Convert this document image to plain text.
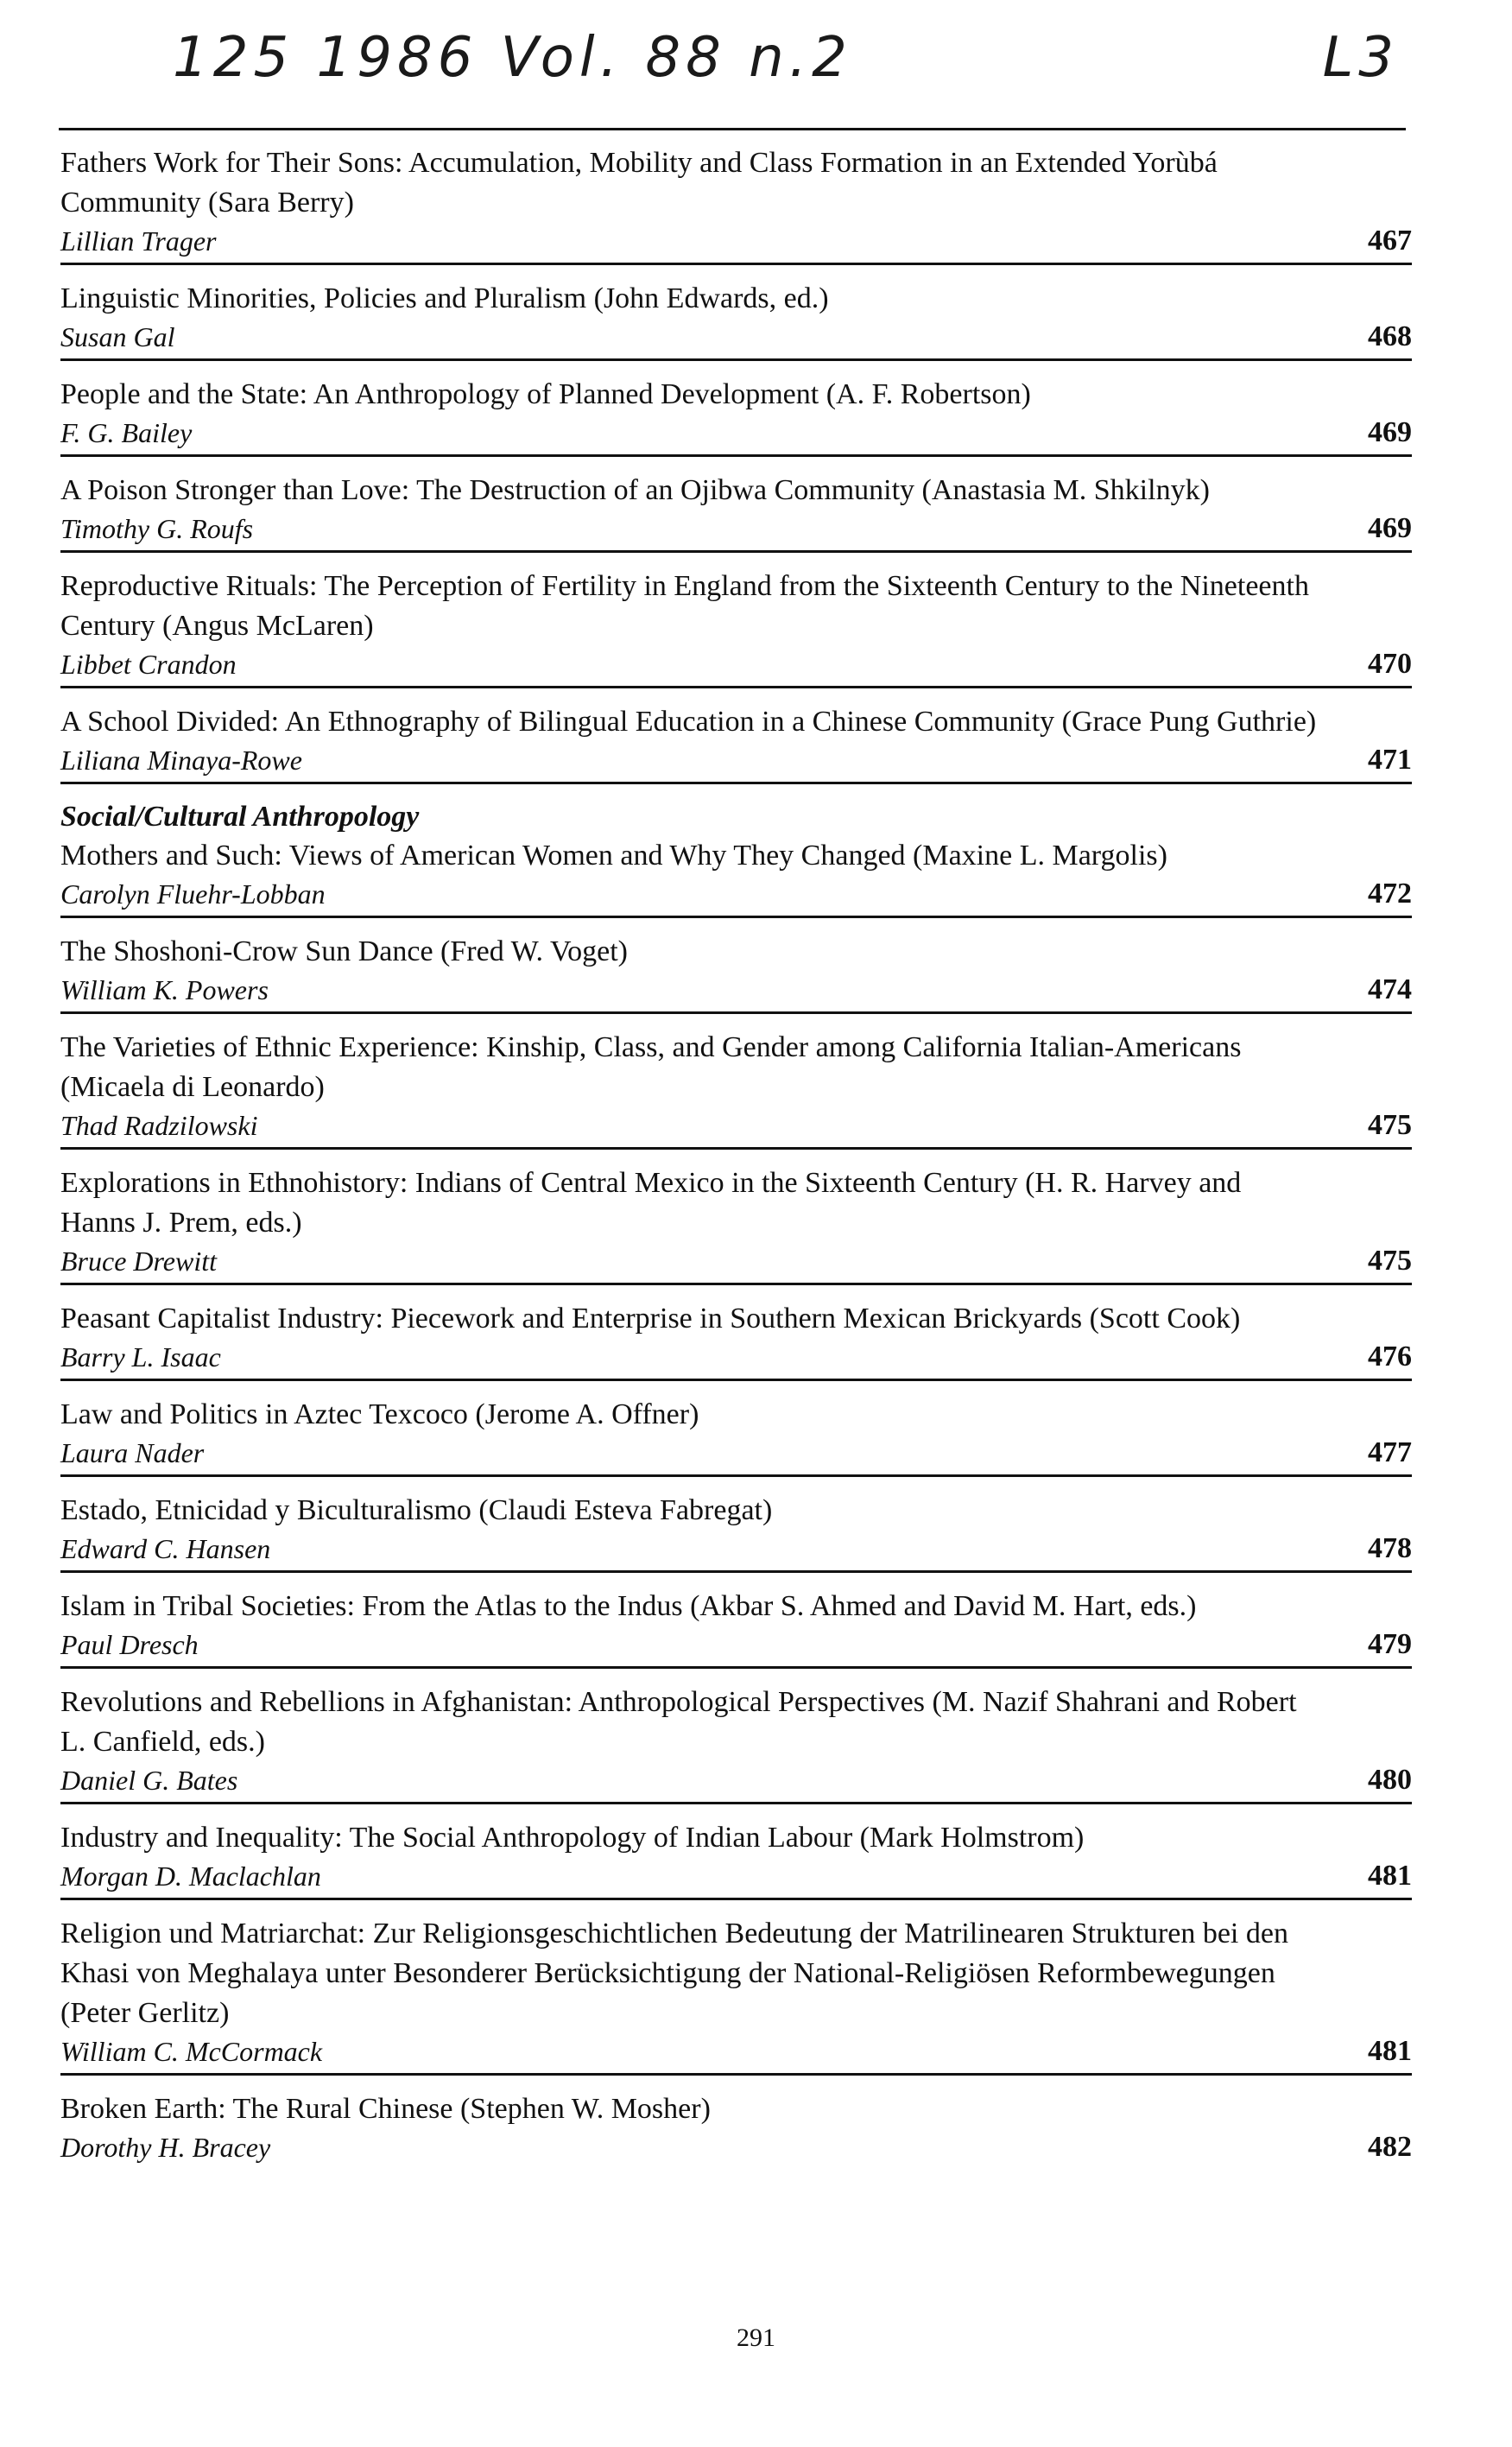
125 1986 Vol. 88 n.2	L3
Fathers Work for Their Sons: Accumulation, Mobility and Class Formation in an Extended Yorùbá Community (Sara Berry)
Lillian Trager	467
Linguistic Minorities, Policies and Pluralism (John Edwards, ed.)
Susan Gal	468
People and the State: An Anthropology of Planned Development (A. F. Robertson)
F. G. Bailey	469
A Poison Stronger than Love: The Destruction of an Ojibwa Community (Anastasia M. Shkilnyk)
Timothy G. Roufs	469
Reproductive Rituals: The Perception of Fertility in England from the Sixteenth Century to the Nineteenth Century (Angus McLaren)
Libbet Crandon	470
A School Divided: An Ethnography of Bilingual Education in a Chinese Community (Grace Pung Guthrie)
Liliana Minaya-Rowe	471
Social/Cultural Anthropology
Mothers and Such: Views of American Women and Why They Changed (Maxine L. Margolis)
Carolyn Fluehr-Lobban	472
The Shoshoni-Crow Sun Dance (Fred W. Voget)
William K. Powers	474
The Varieties of Ethnic Experience: Kinship, Class, and Gender among California Italian-Americans (Micaela di Leonardo)
Thad Radzilowski	475
Explorations in Ethnohistory: Indians of Central Mexico in the Sixteenth Century (H. R. Harvey and Hanns J. Prem, eds.)
Bruce Drewitt	475
Peasant Capitalist Industry: Piecework and Enterprise in Southern Mexican Brickyards (Scott Cook)
Barry L. Isaac	476
Law and Politics in Aztec Texcoco (Jerome A. Offner)
Laura Nader	477
Estado, Etnicidad y Biculturalismo (Claudi Esteva Fabregat)
Edward C. Hansen	478
Islam in Tribal Societies: From the Atlas to the Indus (Akbar S. Ahmed and David M. Hart, eds.)
Paul Dresch	479
Revolutions and Rebellions in Afghanistan: Anthropological Perspectives (M. Nazif Shahrani and Robert L. Canfield, eds.)
Daniel G. Bates	480
Industry and Inequality: The Social Anthropology of Indian Labour (Mark Holmstrom)
Morgan D. Maclachlan	481
Religion und Matriarchat: Zur Religionsgeschichtlichen Bedeutung der Matrilinearen Strukturen bei den Khasi von Meghalaya unter Besonderer Berücksichtigung der National-Religiösen Reformbewegungen (Peter Gerlitz)
William C. McCormack	481
Broken Earth: The Rural Chinese (Stephen W. Mosher)
Dorothy H. Bracey	482
291
